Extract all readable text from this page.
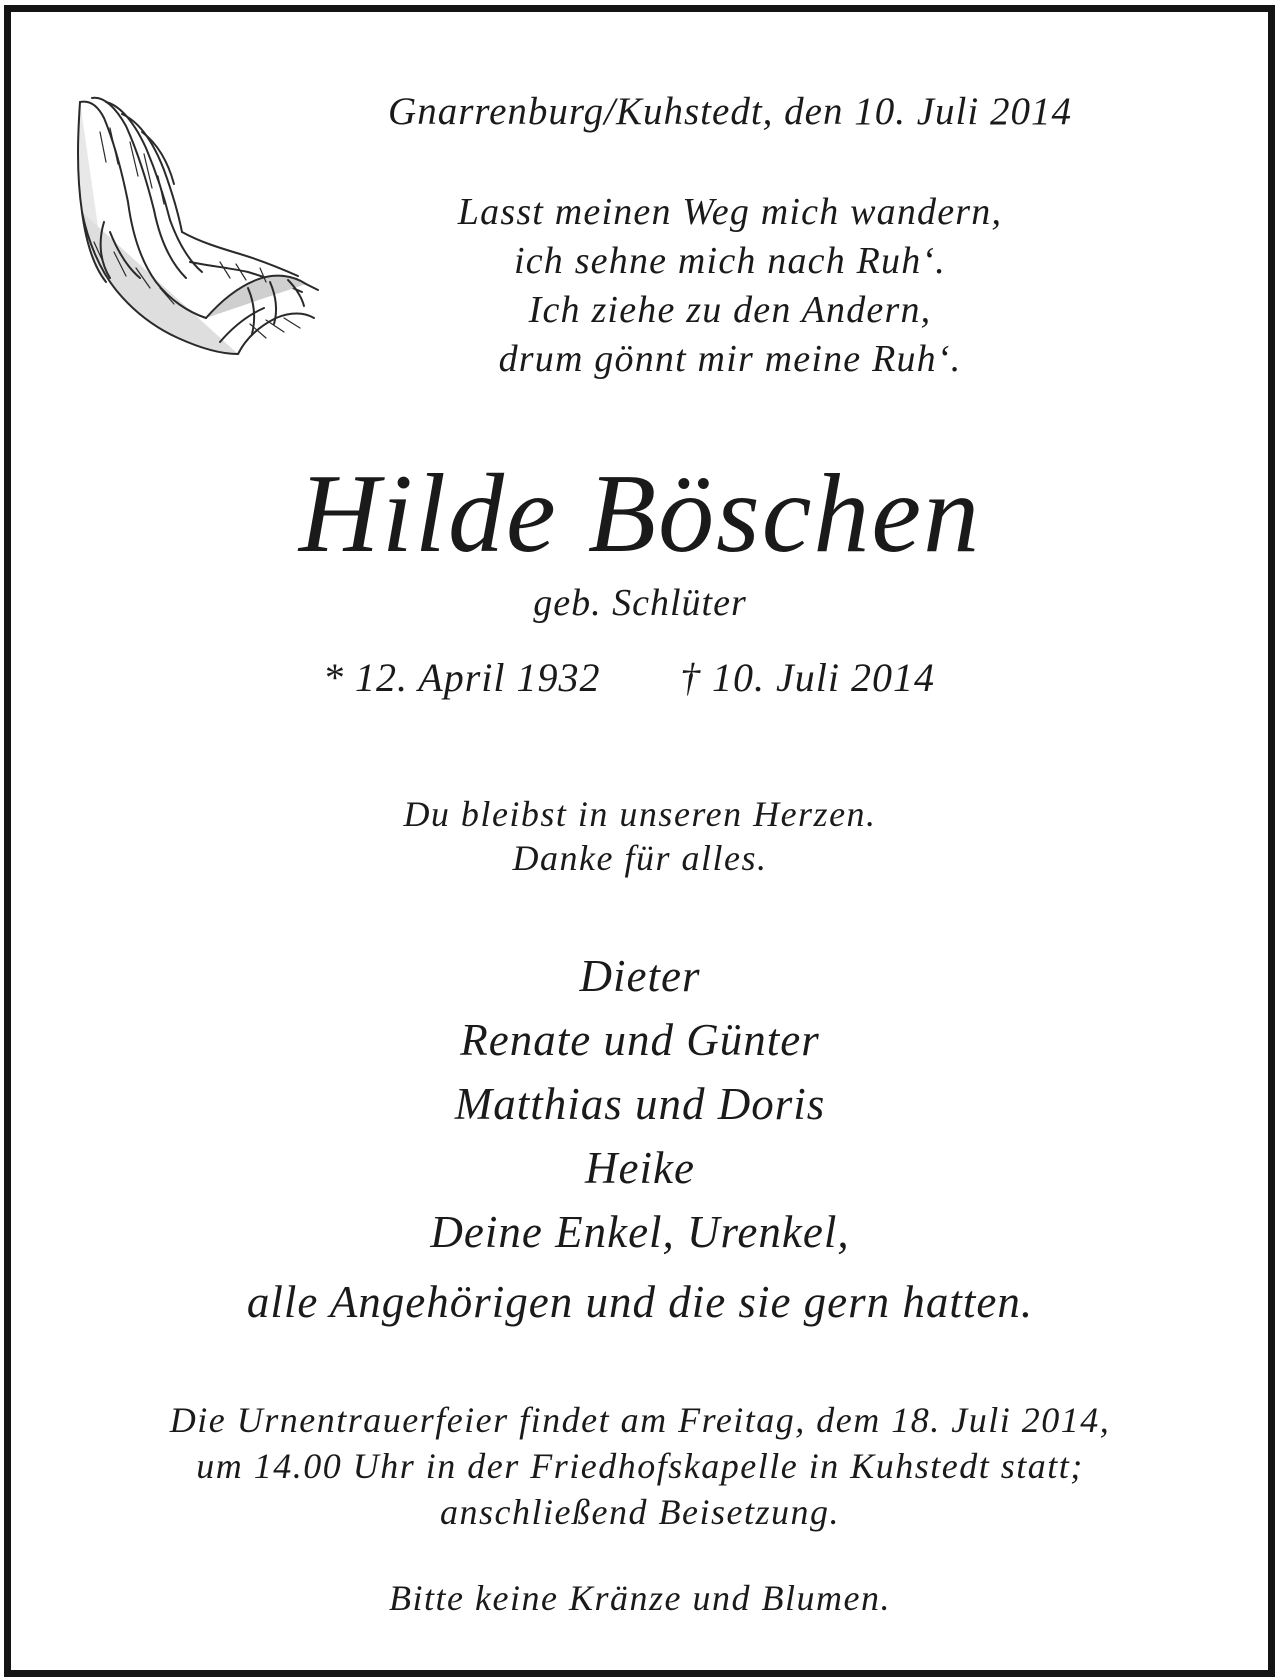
Gnarrenburg/Kuhstedt, den 10. Juli 2014
Lasst meinen Weg mich wandern,
ich sehne mich nach Ruh‘.
Ich ziehe zu den Andern,
drum gönnt mir meine Ruh‘.
Hilde Böschen
geb. Schlüter
* 12. April 1932 † 10. Juli 2014
Du bleibst in unseren Herzen.
Danke für alles.
Dieter
Renate und Günter
Matthias und Doris
Heike
Deine Enkel, Urenkel,
alle Angehörigen und die sie gern hatten.
Die Urnentrauerfeier findet am Freitag, dem 18. Juli 2014,
um 14.00 Uhr in der Friedhofskapelle in Kuhstedt statt;
anschließend Beisetzung.
Bitte keine Kränze und Blumen.
